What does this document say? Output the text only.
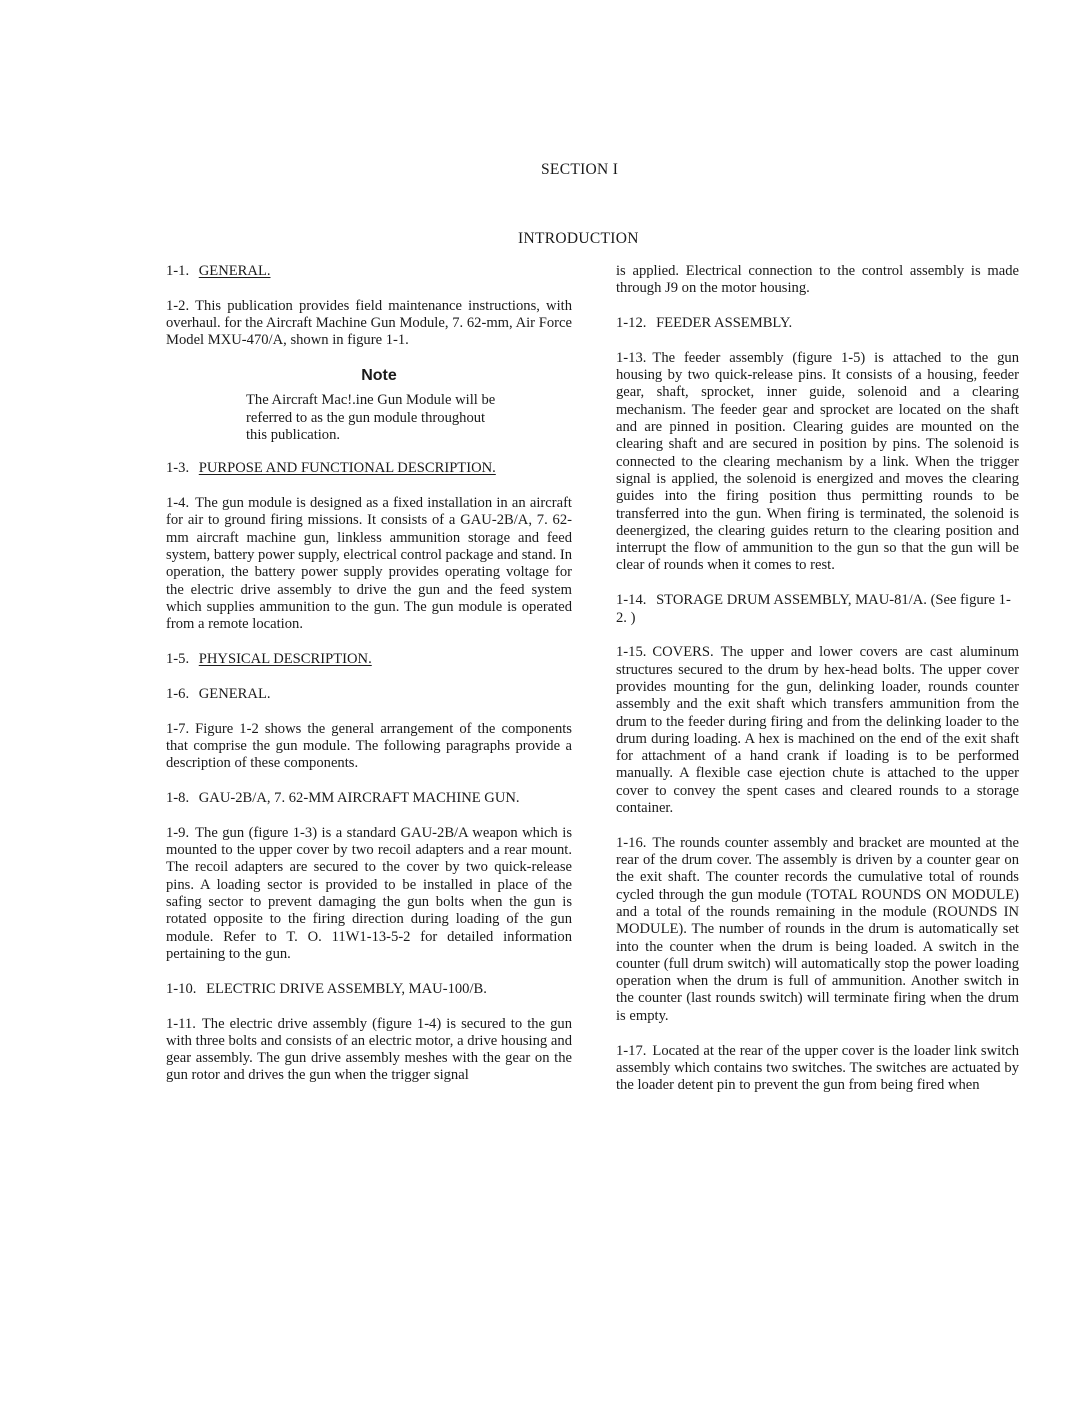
SECTION I
INTRODUCTION

1-1. GENERAL.

1-2. This publication provides field maintenance instructions, with overhaul. for the Aircraft Machine Gun Module, 7. 62-mm, Air Force Model MXU-470/A, shown in figure 1-1.

Note
The Aircraft Mac!.ine Gun Module will be referred to as the gun module throughout this publication.

1-3. PURPOSE AND FUNCTIONAL DESCRIPTION.

1-4. The gun module is designed as a fixed installation in an aircraft for air to ground firing missions. It consists of a GAU-2B/A, 7. 62-mm aircraft machine gun, linkless ammunition storage and feed system, battery power supply, electrical control package and stand. In operation, the battery power supply provides operating voltage for the electric drive assembly to drive the gun and the feed system which supplies ammunition to the gun. The gun module is operated from a remote location.

1-5. PHYSICAL DESCRIPTION.

1-6. GENERAL.

1-7. Figure 1-2 shows the general arrangement of the components that comprise the gun module. The following paragraphs provide a description of these components.

1-8. GAU-2B/A, 7. 62-MM AIRCRAFT MACHINE GUN.

1-9. The gun (figure 1-3) is a standard GAU-2B/A weapon which is mounted to the upper cover by two recoil adapters and a rear mount. The recoil adapters are secured to the cover by two quick-release pins. A loading sector is provided to be installed in place of the safing sector to prevent damaging the gun bolts when the gun is rotated opposite to the firing direction during loading of the gun module. Refer to T. O. 11W1-13-5-2 for detailed information pertaining to the gun.

1-10. ELECTRIC DRIVE ASSEMBLY, MAU-100/B.

1-11. The electric drive assembly (figure 1-4) is secured to the gun with three bolts and consists of an electric motor, a drive housing and gear assembly. The gun drive assembly meshes with the gear on the gun rotor and drives the gun when the trigger signal

is applied. Electrical connection to the control assembly is made through J9 on the motor housing.

1-12. FEEDER ASSEMBLY.

1-13. The feeder assembly (figure 1-5) is attached to the gun housing by two quick-release pins. It consists of a housing, feeder gear, shaft, sprocket, inner guide, solenoid and a clearing mechanism. The feeder gear and sprocket are located on the shaft and are pinned in position. Clearing guides are mounted on the clearing shaft and are secured in position by pins. The solenoid is connected to the clearing mechanism by a link. When the trigger signal is applied, the solenoid is energized and moves the clearing guides into the firing position thus permitting rounds to be transferred into the gun. When firing is terminated, the solenoid is deenergized, the clearing guides return to the clearing position and interrupt the flow of ammunition to the gun so that the gun will be clear of rounds when it comes to rest.

1-14. STORAGE DRUM ASSEMBLY, MAU-81/A. (See figure 1-2. )

1-15. COVERS. The upper and lower covers are cast aluminum structures secured to the drum by hex-head bolts. The upper cover provides mounting for the gun, delinking loader, rounds counter assembly and the exit shaft which transfers ammunition from the drum to the feeder during firing and from the delinking loader to the drum during loading. A hex is machined on the end of the exit shaft for attachment of a hand crank if loading is to be performed manually. A flexible case ejection chute is attached to the upper cover to convey the spent cases and cleared rounds to a storage container.

1-16. The rounds counter assembly and bracket are mounted at the rear of the drum cover. The assembly is driven by a counter gear on the exit shaft. The counter records the cumulative total of rounds cycled through the gun module (TOTAL ROUNDS ON MODULE) and a total of the rounds remaining in the module (ROUNDS IN MODULE). The number of rounds in the drum is automatically set into the counter when the drum is being loaded. A switch in the counter (full drum switch) will automatically stop the power loading operation when the drum is full of ammunition. Another switch in the counter (last rounds switch) will terminate firing when the drum is empty.

1-17. Located at the rear of the upper cover is the loader link switch assembly which contains two switches. The switches are actuated by the loader detent pin to prevent the gun from being fired when
